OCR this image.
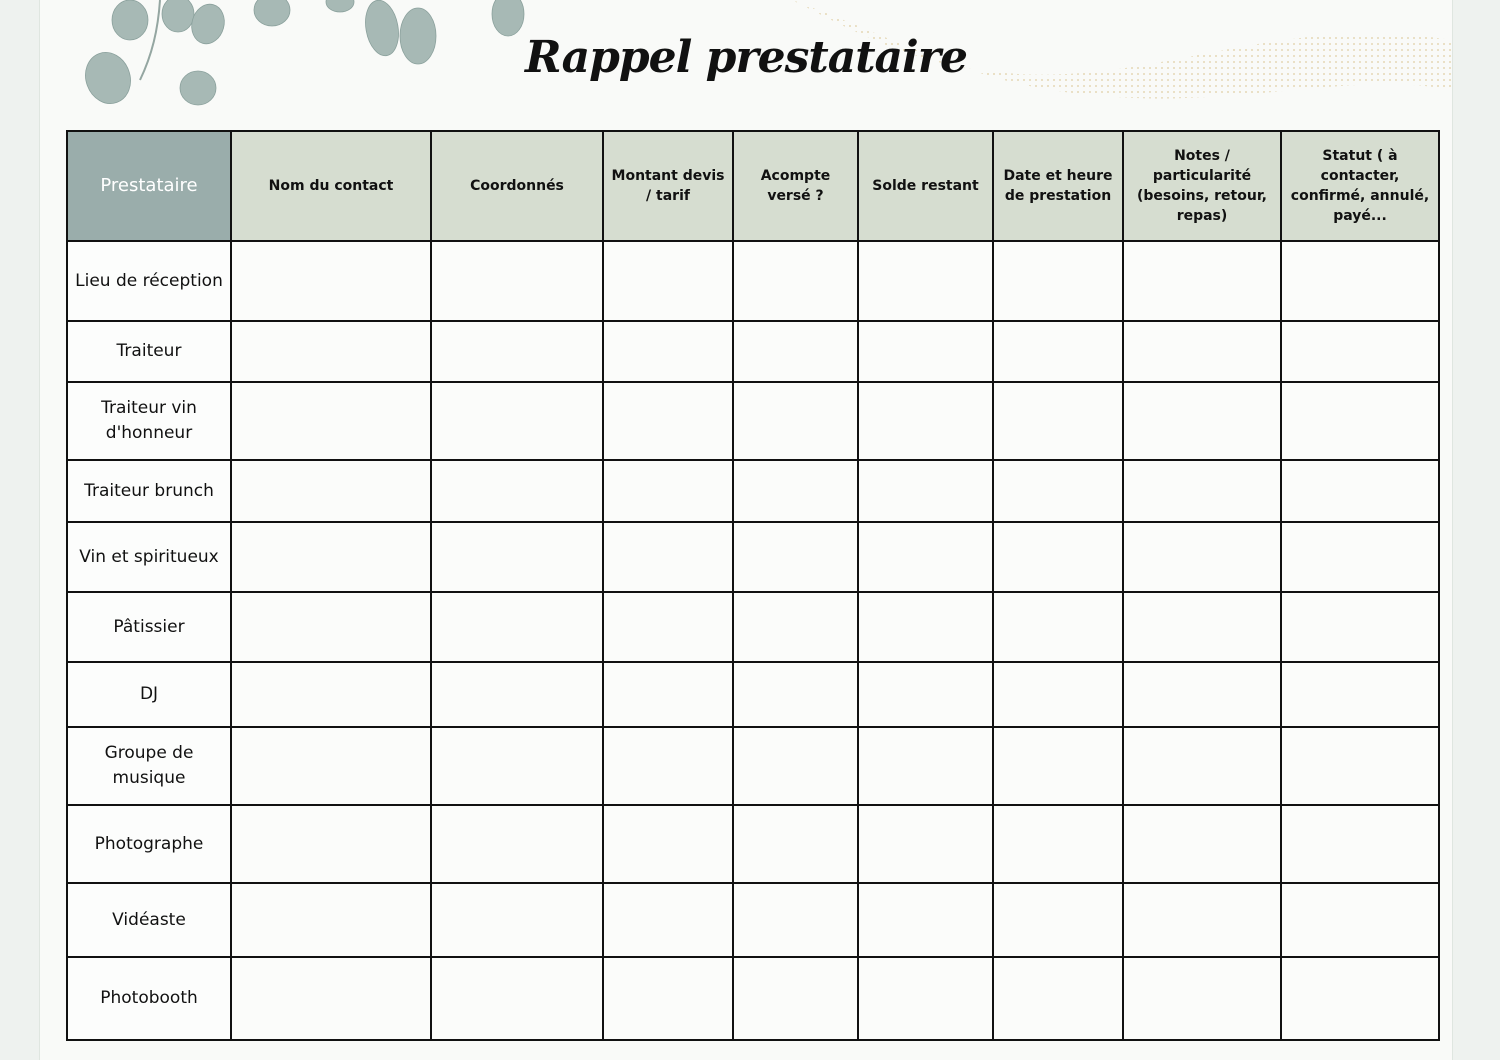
Rappel prestataire
Prestataire	Nom du contact	Coordonnés	Montant devis / tarif	Acompte versé ?	Solde restant	Date et heure de prestation	Notes / particularité (besoins, retour, repas)	Statut ( à contacter, confirmé, annulé, payé...
Lieu de réception								
Traiteur								
Traiteur vin d'honneur								
Traiteur brunch								
Vin et spiritueux								
Pâtissier								
DJ								
Groupe de musique								
Photographe								
Vidéaste								
Photobooth								
